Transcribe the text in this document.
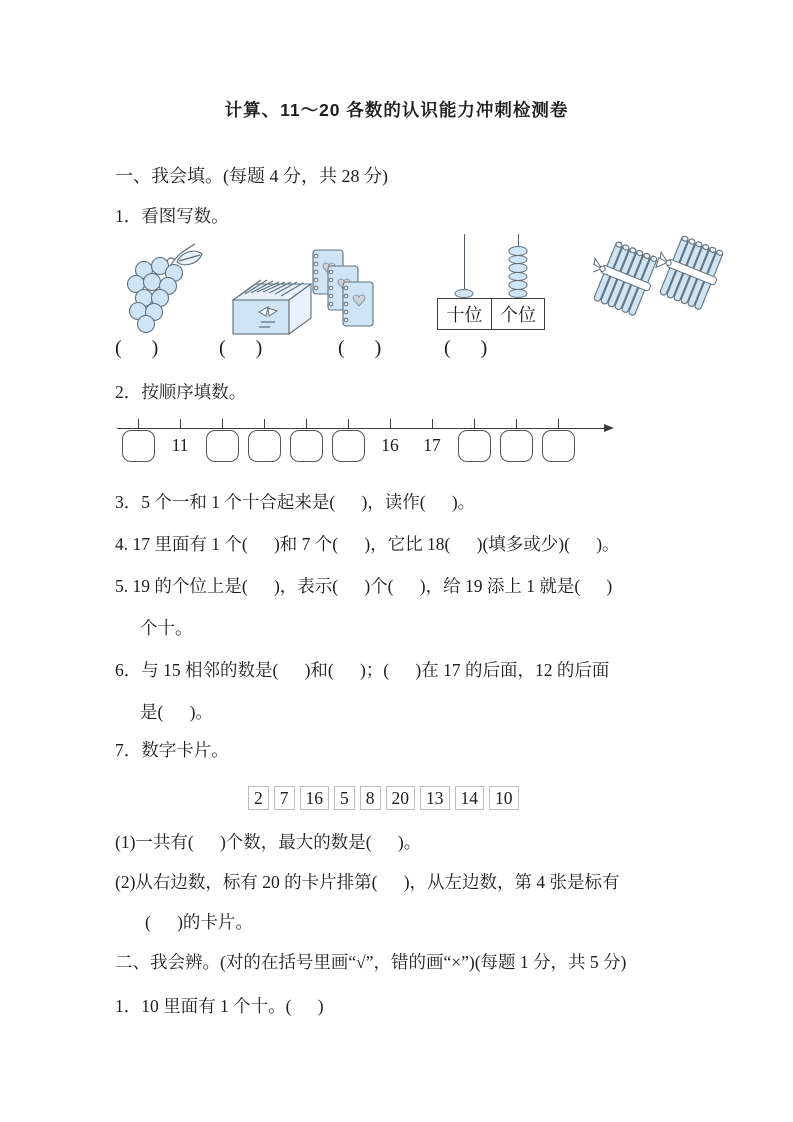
计算、11～20 各数的认识能力冲刺检测卷
一、我会填。(每题 4 分，共 28 分)
1．看图写数。
十位 个位

(      )

	(      )

	(      )

	(      )

2．按顺序填数。
11	16	17
3．5 个一和 1 个十合起来是(      )，读作(      )。
4. 17 里面有 1 个(      )和 7 个(      )，它比 18(      )(填多或少)(      )。
5. 19 的个位上是(      )，表示(      )个(      )，给 19 添上 1 就是(      )
个十。
6．与 15 相邻的数是(      )和(      )；(      )在 17 的后面，12 的后面
是(      )。
7．数字卡片。
2 7 16 5 8 20 13 14 10
(1)一共有(      )个数，最大的数是(      )。
(2)从右边数，标有 20 的卡片排第(      )，从左边数，第 4 张是标有
(      )的卡片。
二、我会辨。(对的在括号里画“√”，错的画“×”)(每题 1 分，共 5 分)
1．10 里面有 1 个十。(      )
